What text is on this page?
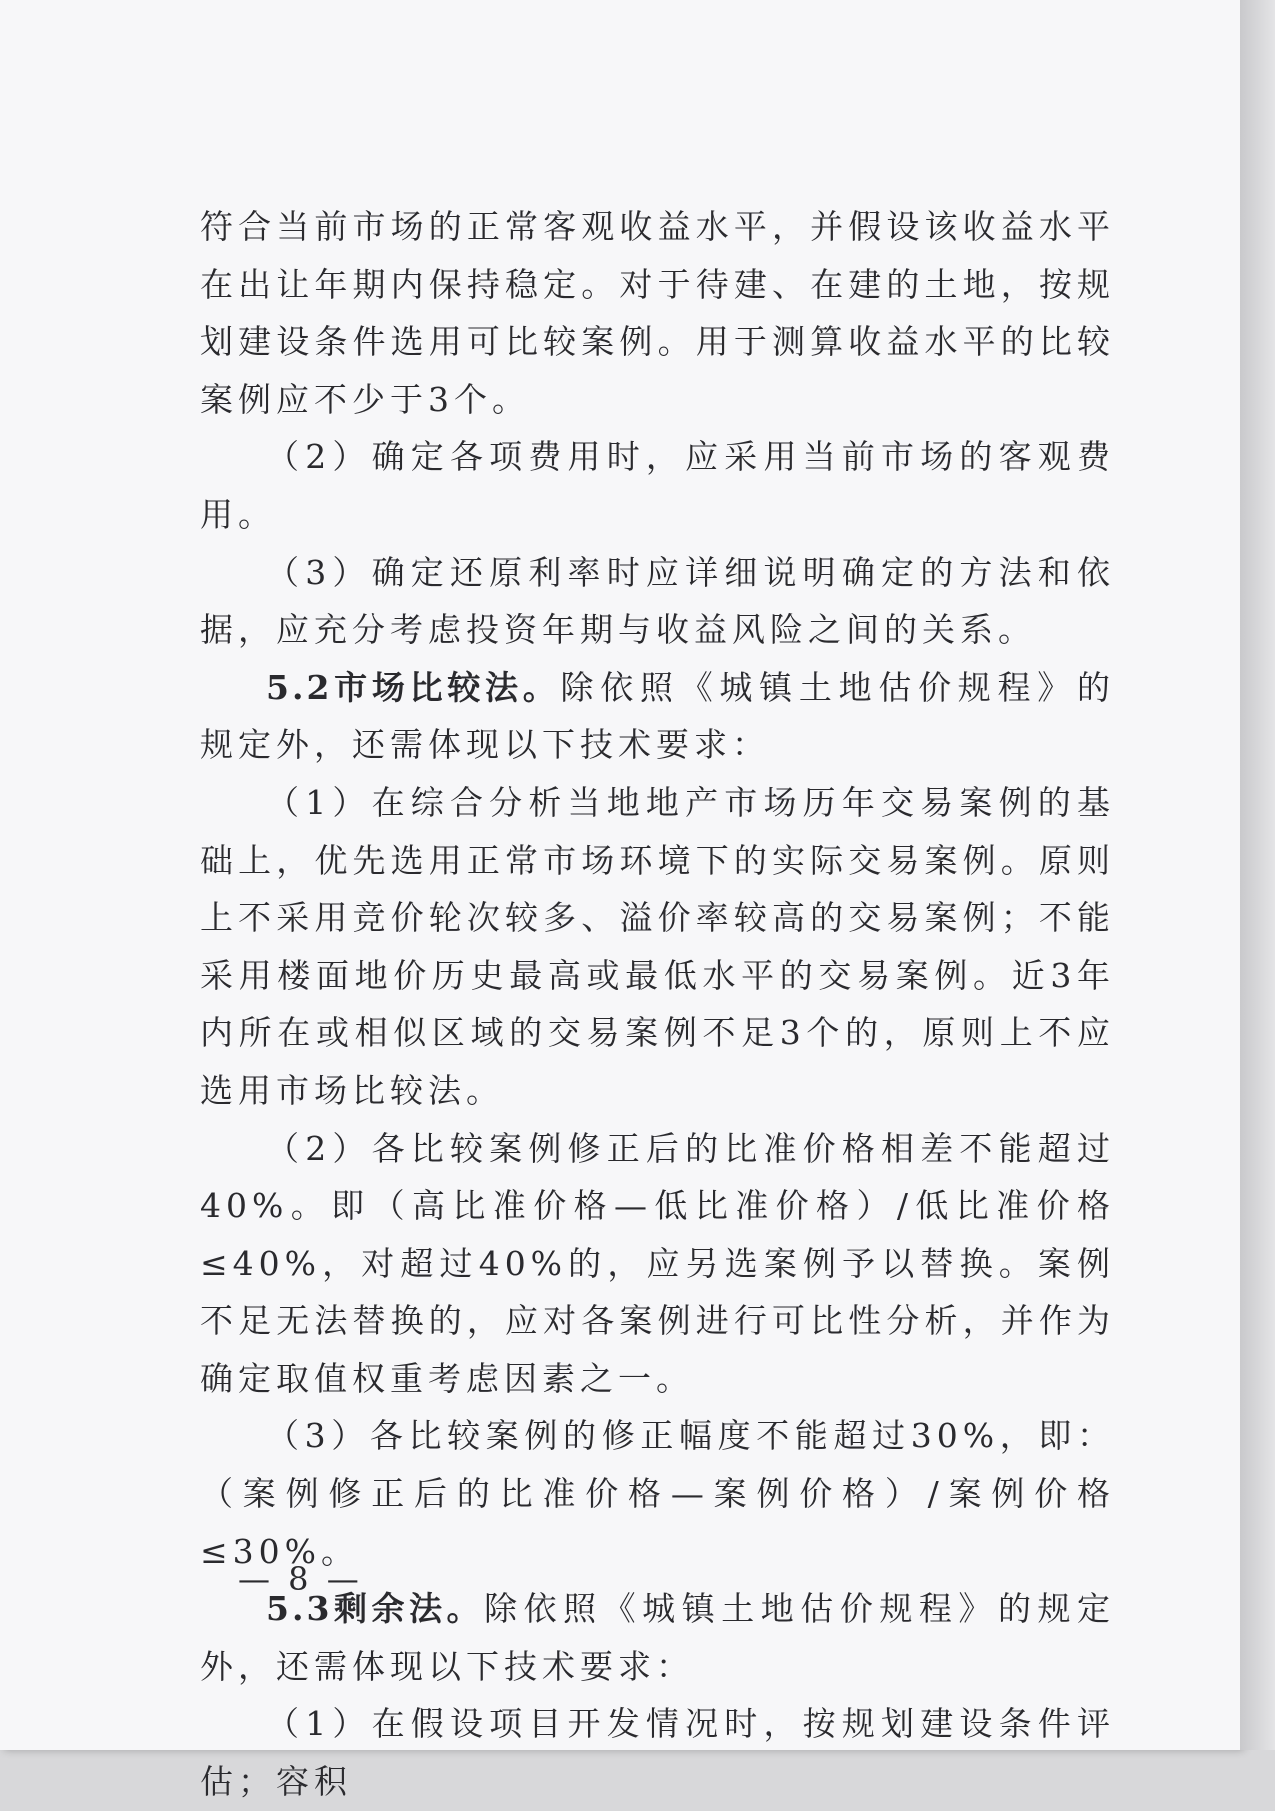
符合当前市场的正常客观收益水平，并假设该收益水平在出让年期内保持稳定。对于待建、在建的土地，按规划建设条件选用可比较案例。用于测算收益水平的比较案例应不少于3个。

（2）确定各项费用时，应采用当前市场的客观费用。

（3）确定还原利率时应详细说明确定的方法和依据，应充分考虑投资年期与收益风险之间的关系。

5.2市场比较法。除依照《城镇土地估价规程》的规定外，还需体现以下技术要求：

（1）在综合分析当地地产市场历年交易案例的基础上，优先选用正常市场环境下的实际交易案例。原则上不采用竞价轮次较多、溢价率较高的交易案例；不能采用楼面地价历史最高或最低水平的交易案例。近3年内所在或相似区域的交易案例不足3个的，原则上不应选用市场比较法。

（2）各比较案例修正后的比准价格相差不能超过40%。即（高比准价格—低比准价格）/低比准价格≤40%，对超过40%的，应另选案例予以替换。案例不足无法替换的，应对各案例进行可比性分析，并作为确定取值权重考虑因素之一。

（3）各比较案例的修正幅度不能超过30%，即：（案例修正后的比准价格—案例价格）/案例价格≤30%。

5.3剩余法。除依照《城镇土地估价规程》的规定外，还需体现以下技术要求：

（1）在假设项目开发情况时，按规划建设条件评估；容积

— 8 —
